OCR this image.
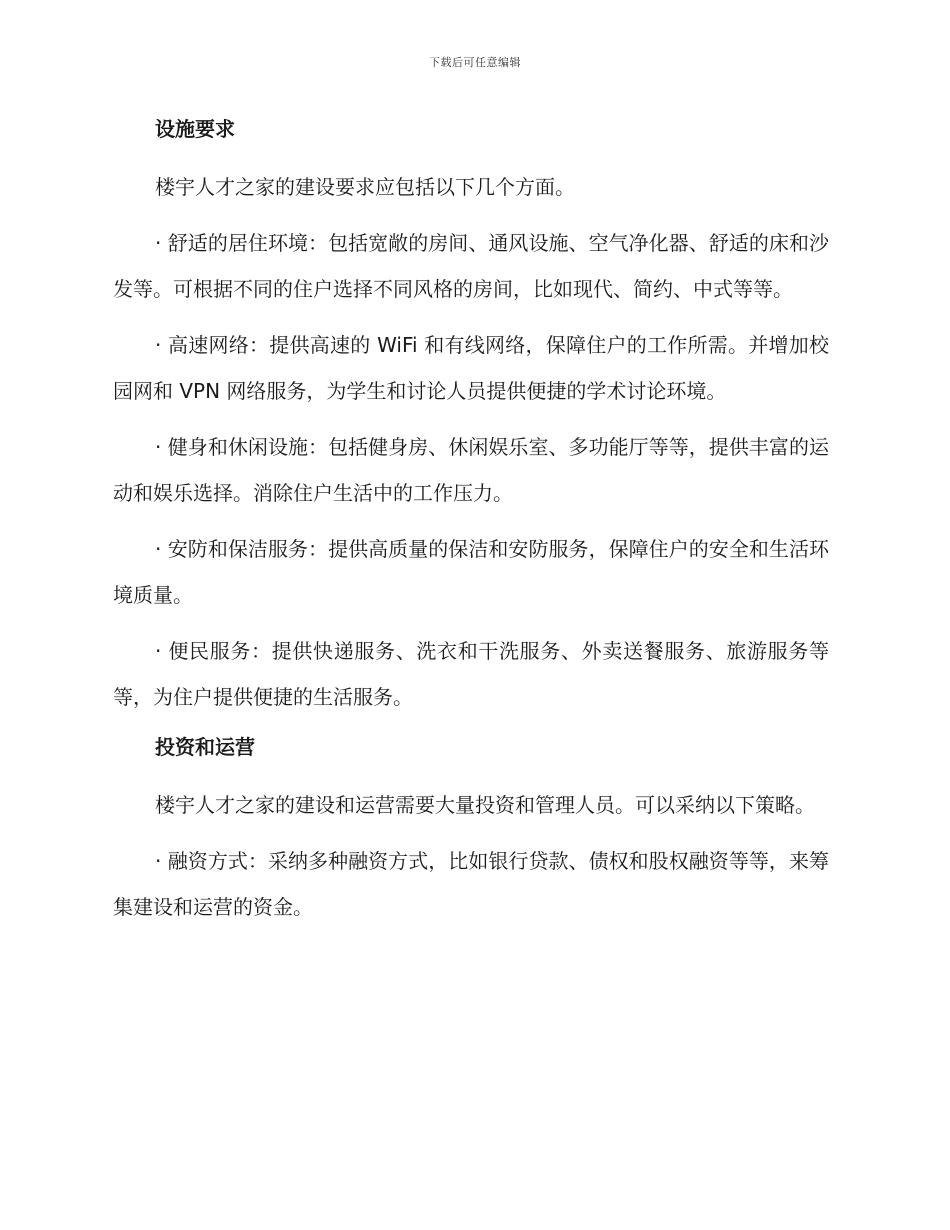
下载后可任意编辑
设施要求

楼宇人才之家的建设要求应包括以下几个方面。

· 舒适的居住环境：包括宽敞的房间、通风设施、空气净化器、舒适的床和沙发等。可根据不同的住户选择不同风格的房间，比如现代、简约、中式等等。

· 高速网络：提供高速的 WiFi 和有线网络，保障住户的工作所需。并增加校园网和 VPN 网络服务，为学生和讨论人员提供便捷的学术讨论环境。

· 健身和休闲设施：包括健身房、休闲娱乐室、多功能厅等等，提供丰富的运动和娱乐选择。消除住户生活中的工作压力。

· 安防和保洁服务：提供高质量的保洁和安防服务，保障住户的安全和生活环境质量。

· 便民服务：提供快递服务、洗衣和干洗服务、外卖送餐服务、旅游服务等等，为住户提供便捷的生活服务。

投资和运营

楼宇人才之家的建设和运营需要大量投资和管理人员。可以采纳以下策略。

· 融资方式：采纳多种融资方式，比如银行贷款、债权和股权融资等等，来筹集建设和运营的资金。
